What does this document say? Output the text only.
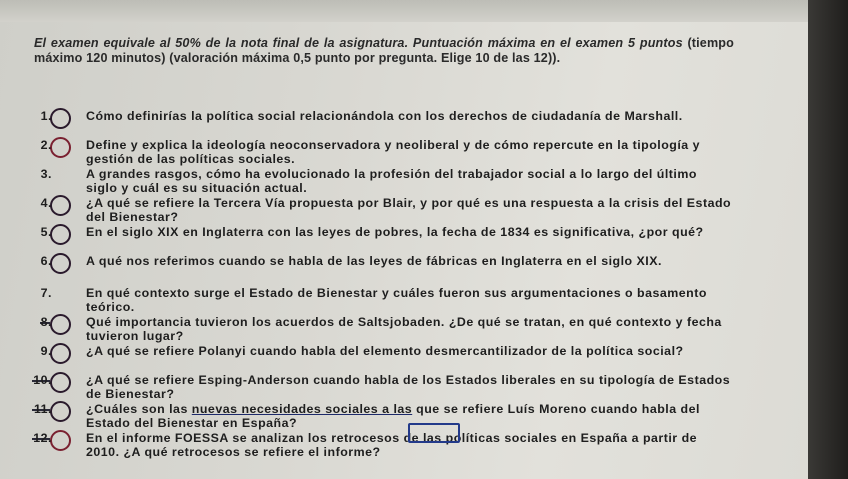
El examen equivale al 50% de la nota final de la asignatura. Puntuación máxima en el examen 5 puntos (tiempo máximo 120 minutos) (valoración máxima 0,5 punto por pregunta. Elige 10 de las 12)).
1.	Cómo definirías la política social relacionándola con los derechos de ciudadanía de Marshall.
2.	Define y explica la ideología neoconservadora y neoliberal y de cómo repercute en la tipología y gestión de las políticas sociales.
3.	A grandes rasgos, cómo ha evolucionado la profesión del trabajador social a lo largo del último siglo y cuál es su situación actual.
4.	¿A qué se refiere la Tercera Vía propuesta por Blair, y por qué es una respuesta a la crisis del Estado del Bienestar?
5.	En el siglo XIX en Inglaterra con las leyes de pobres, la fecha de 1834 es significativa, ¿por qué?
6.	A qué nos referimos cuando se habla de las leyes de fábricas en Inglaterra en el siglo XIX.
7.	En qué contexto surge el Estado de Bienestar y cuáles fueron sus argumentaciones o basamento teórico.
8.	Qué importancia tuvieron los acuerdos de Saltsjobaden. ¿De qué se tratan, en qué contexto y fecha tuvieron lugar?
9.	¿A qué se refiere Polanyi cuando habla del elemento desmercantilizador de la política social?
10.	¿A qué se refiere Esping-Anderson cuando habla de los Estados liberales en su tipología de Estados de Bienestar?
11.	¿Cuáles son las nuevas necesidades sociales a las que se refiere Luís Moreno cuando habla del Estado del Bienestar en España?
12.	En el informe FOESSA se analizan los retrocesos de las políticas sociales en España a partir de 2010. ¿A qué retrocesos se refiere el informe?
